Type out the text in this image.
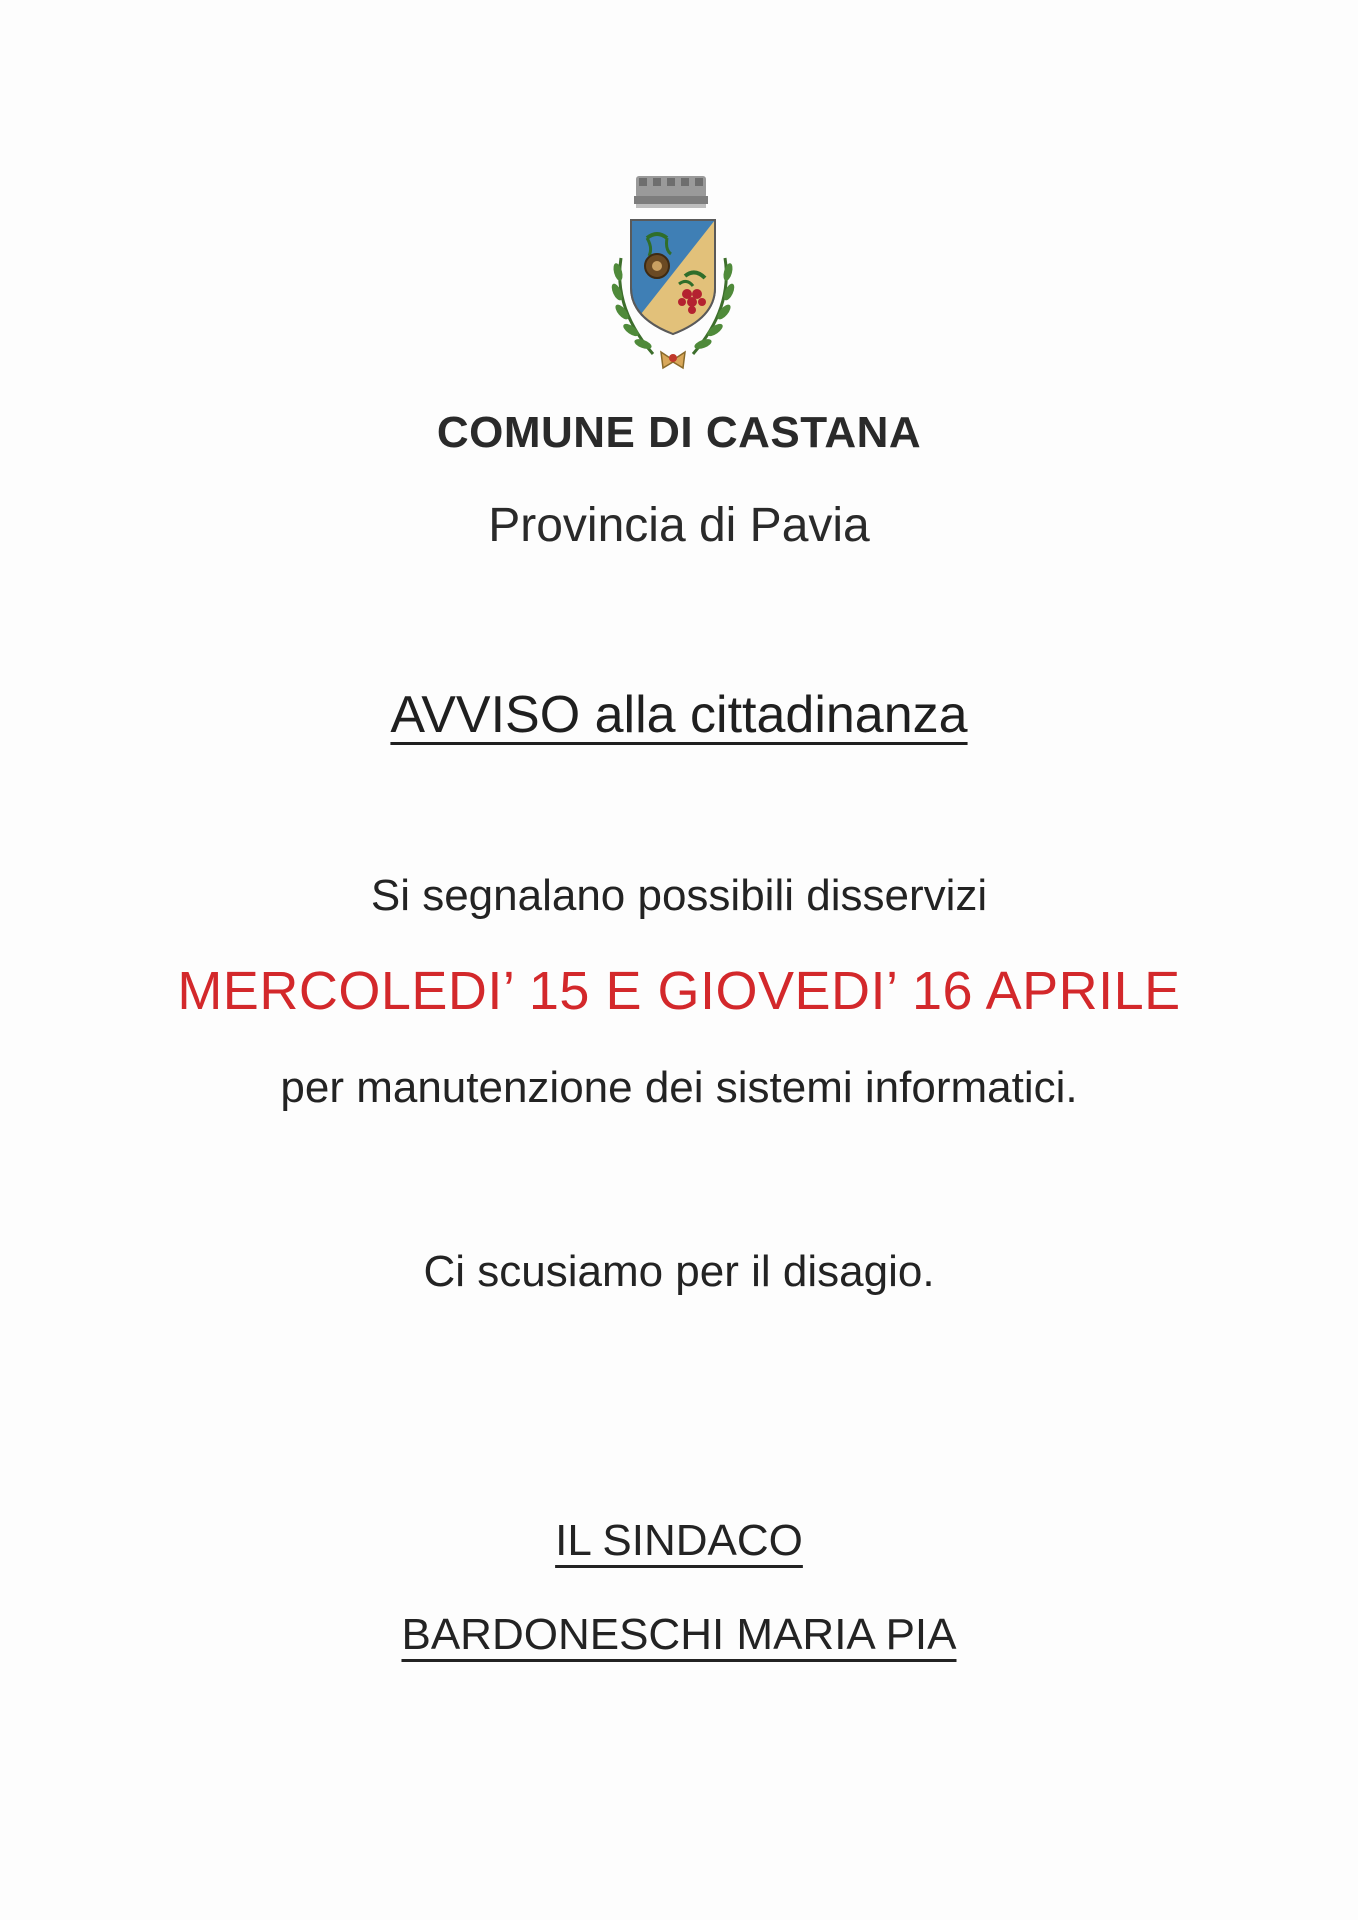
COMUNE DI CASTANA
Provincia di Pavia
AVVISO alla cittadinanza
Si segnalano possibili disservizi
MERCOLEDI’ 15 E GIOVEDI’ 16 APRILE
per manutenzione dei sistemi informatici.
Ci scusiamo per il disagio.
IL SINDACO
BARDONESCHI MARIA PIA
